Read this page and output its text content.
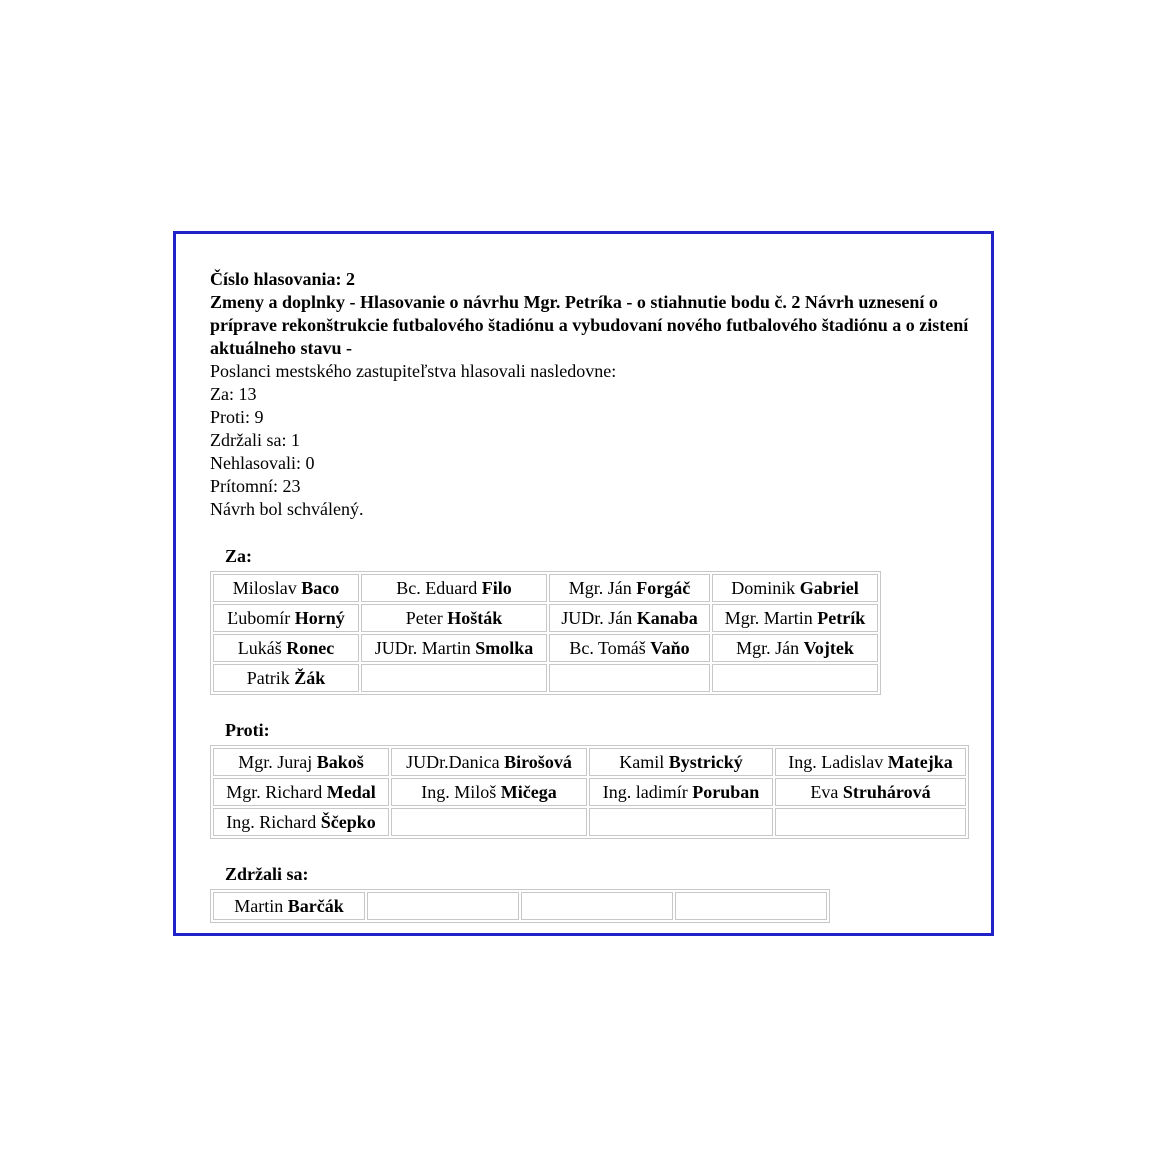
Číslo hlasovania: 2
Zmeny a doplnky - Hlasovanie o návrhu Mgr. Petríka - o stiahnutie bodu č. 2 Návrh uznesení o príprave rekonštrukcie futbalového štadiónu a vybudovaní nového futbalového štadiónu a o zistení aktuálneho stavu -
Poslanci mestského zastupiteľstva hlasovali nasledovne:
Za: 13
Proti: 9
Zdržali sa: 1
Nehlasovali: 0
Prítomní: 23
Návrh bol schválený.
Za:
Miloslav Baco	Bc. Eduard Filo	Mgr. Ján Forgáč	Dominik Gabriel
Ľubomír Horný	Peter Hošták	JUDr. Ján Kanaba	Mgr. Martin Petrík
Lukáš Ronec	JUDr. Martin Smolka	Bc. Tomáš Vaňo	Mgr. Ján Vojtek
Patrik Žák			
Proti:
Mgr. Juraj Bakoš	JUDr.Danica Birošová	Kamil Bystrický	Ing. Ladislav Matejka
Mgr. Richard Medal	Ing. Miloš Mičega	Ing. ladimír Poruban	Eva Struhárová
Ing. Richard Ščepko			
Zdržali sa:
Martin Barčák			
